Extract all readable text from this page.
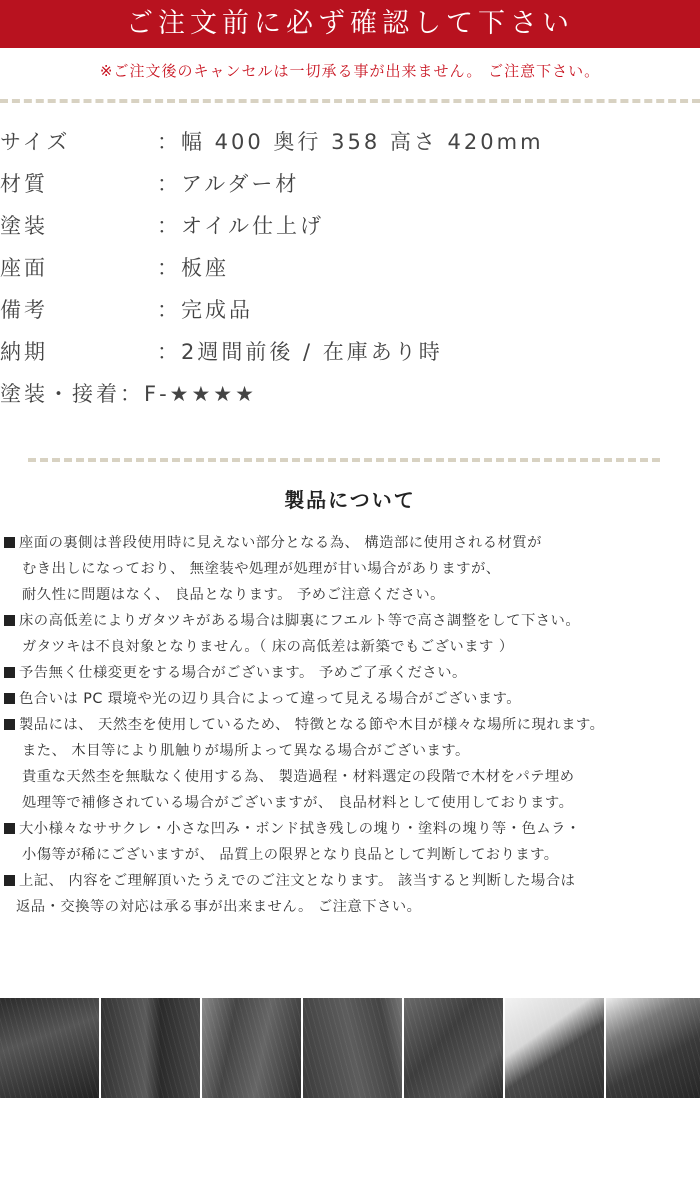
ご注文前に必ず確認して下さい
※ご注文後のキャンセルは一切承る事が出来ません。 ご注意下さい。
サイズ	：幅 400 奥行 358 高さ 420mm
材質	：アルダー材
塗装	：オイル仕上げ
座面	：板座
備考	：完成品
納期	：2週間前後 / 在庫あり時
塗装・接着：F-★★★★
製品について
座面の裏側は普段使用時に見えない部分となる為、 構造部に使用される材質が
むき出しになっており、 無塗装や処理が処理が甘い場合がありますが、
耐久性に問題はなく、 良品となります。 予めご注意ください。
床の高低差によりガタツキがある場合は脚裏にフエルト等で高さ調整をして下さい。
ガタツキは不良対象となりません。（ 床の高低差は新築でもございます ）
予告無く仕様変更をする場合がございます。 予めご了承ください。
色合いは PC 環境や光の辺り具合によって違って見える場合がございます。
製品には、 天然杢を使用しているため、 特徴となる節や木目が様々な場所に現れます。
また、 木目等により肌触りが場所よって異なる場合がございます。
貴重な天然杢を無駄なく使用する為、 製造過程・材料選定の段階で木材をパテ埋め
処理等で補修されている場合がございますが、 良品材料として使用しております。
大小様々なササクレ・小さな凹み・ボンド拭き残しの塊り・塗料の塊り等・色ムラ・
小傷等が稀にございますが、 品質上の限界となり良品として判断しております。
上記、 内容をご理解頂いたうえでのご注文となります。 該当すると判断した場合は
返品・交換等の対応は承る事が出来ません。 ご注意下さい。
